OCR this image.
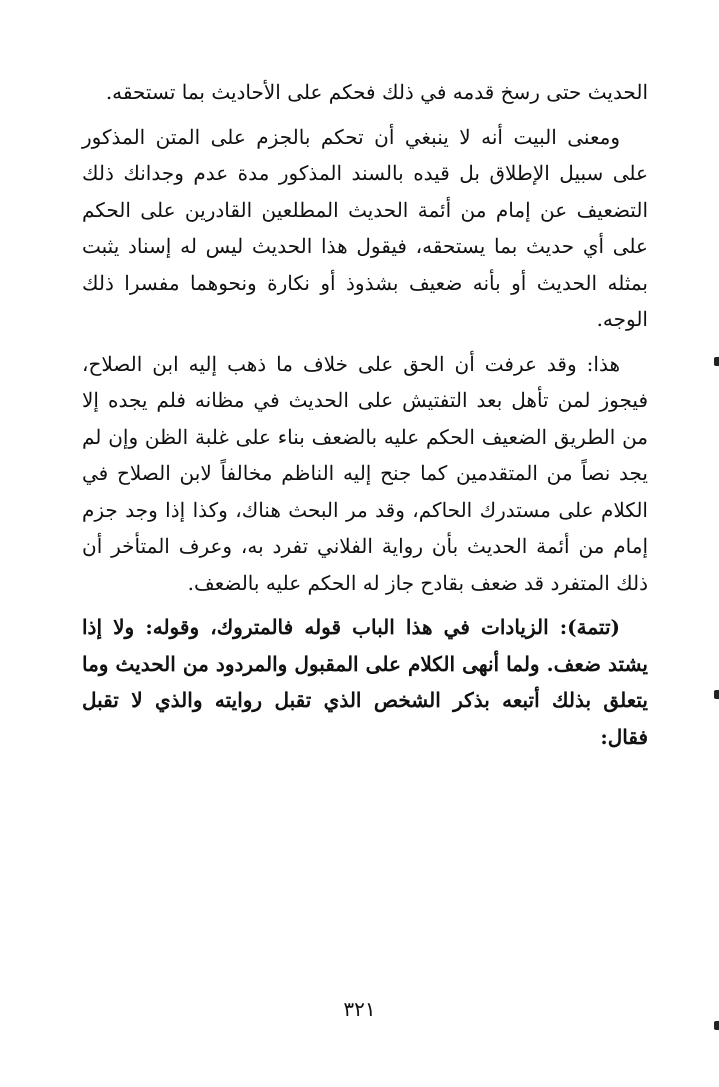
الحديث حتى رسخ قدمه في ذلك فحكم على الأحاديث بما تستحقه.

ومعنى البيت أنه لا ينبغي أن تحكم بالجزم على المتن المذكور على سبيل الإطلاق بل قيده بالسند المذكور مدة عدم وجدانك ذلك التضعيف عن إمام من أئمة الحديث المطلعين القادرين على الحكم على أي حديث بما يستحقه، فيقول هذا الحديث ليس له إسناد يثبت بمثله الحديث أو بأنه ضعيف بشذوذ أو نكارة ونحوهما مفسرا ذلك الوجه.

هذا: وقد عرفت أن الحق على خلاف ما ذهب إليه ابن الصلاح، فيجوز لمن تأهل بعد التفتيش على الحديث في مظانه فلم يجده إلا من الطريق الضعيف الحكم عليه بالضعف بناء على غلبة الظن وإن لم يجد نصاً من المتقدمين كما جنح إليه الناظم مخالفاً لابن الصلاح في الكلام على مستدرك الحاكم، وقد مر البحث هناك، وكذا إذا وجد جزم إمام من أئمة الحديث بأن رواية الفلاني تفرد به، وعرف المتأخر أن ذلك المتفرد قد ضعف بقادح جاز له الحكم عليه بالضعف.

(تتمة): الزيادات في هذا الباب قوله فالمتروك، وقوله: ولا إذا يشتد ضعف. ولما أنهى الكلام على المقبول والمردود من الحديث وما يتعلق بذلك أتبعه بذكر الشخص الذي تقبل روايته والذي لا تقبل فقال:

٣٢١
